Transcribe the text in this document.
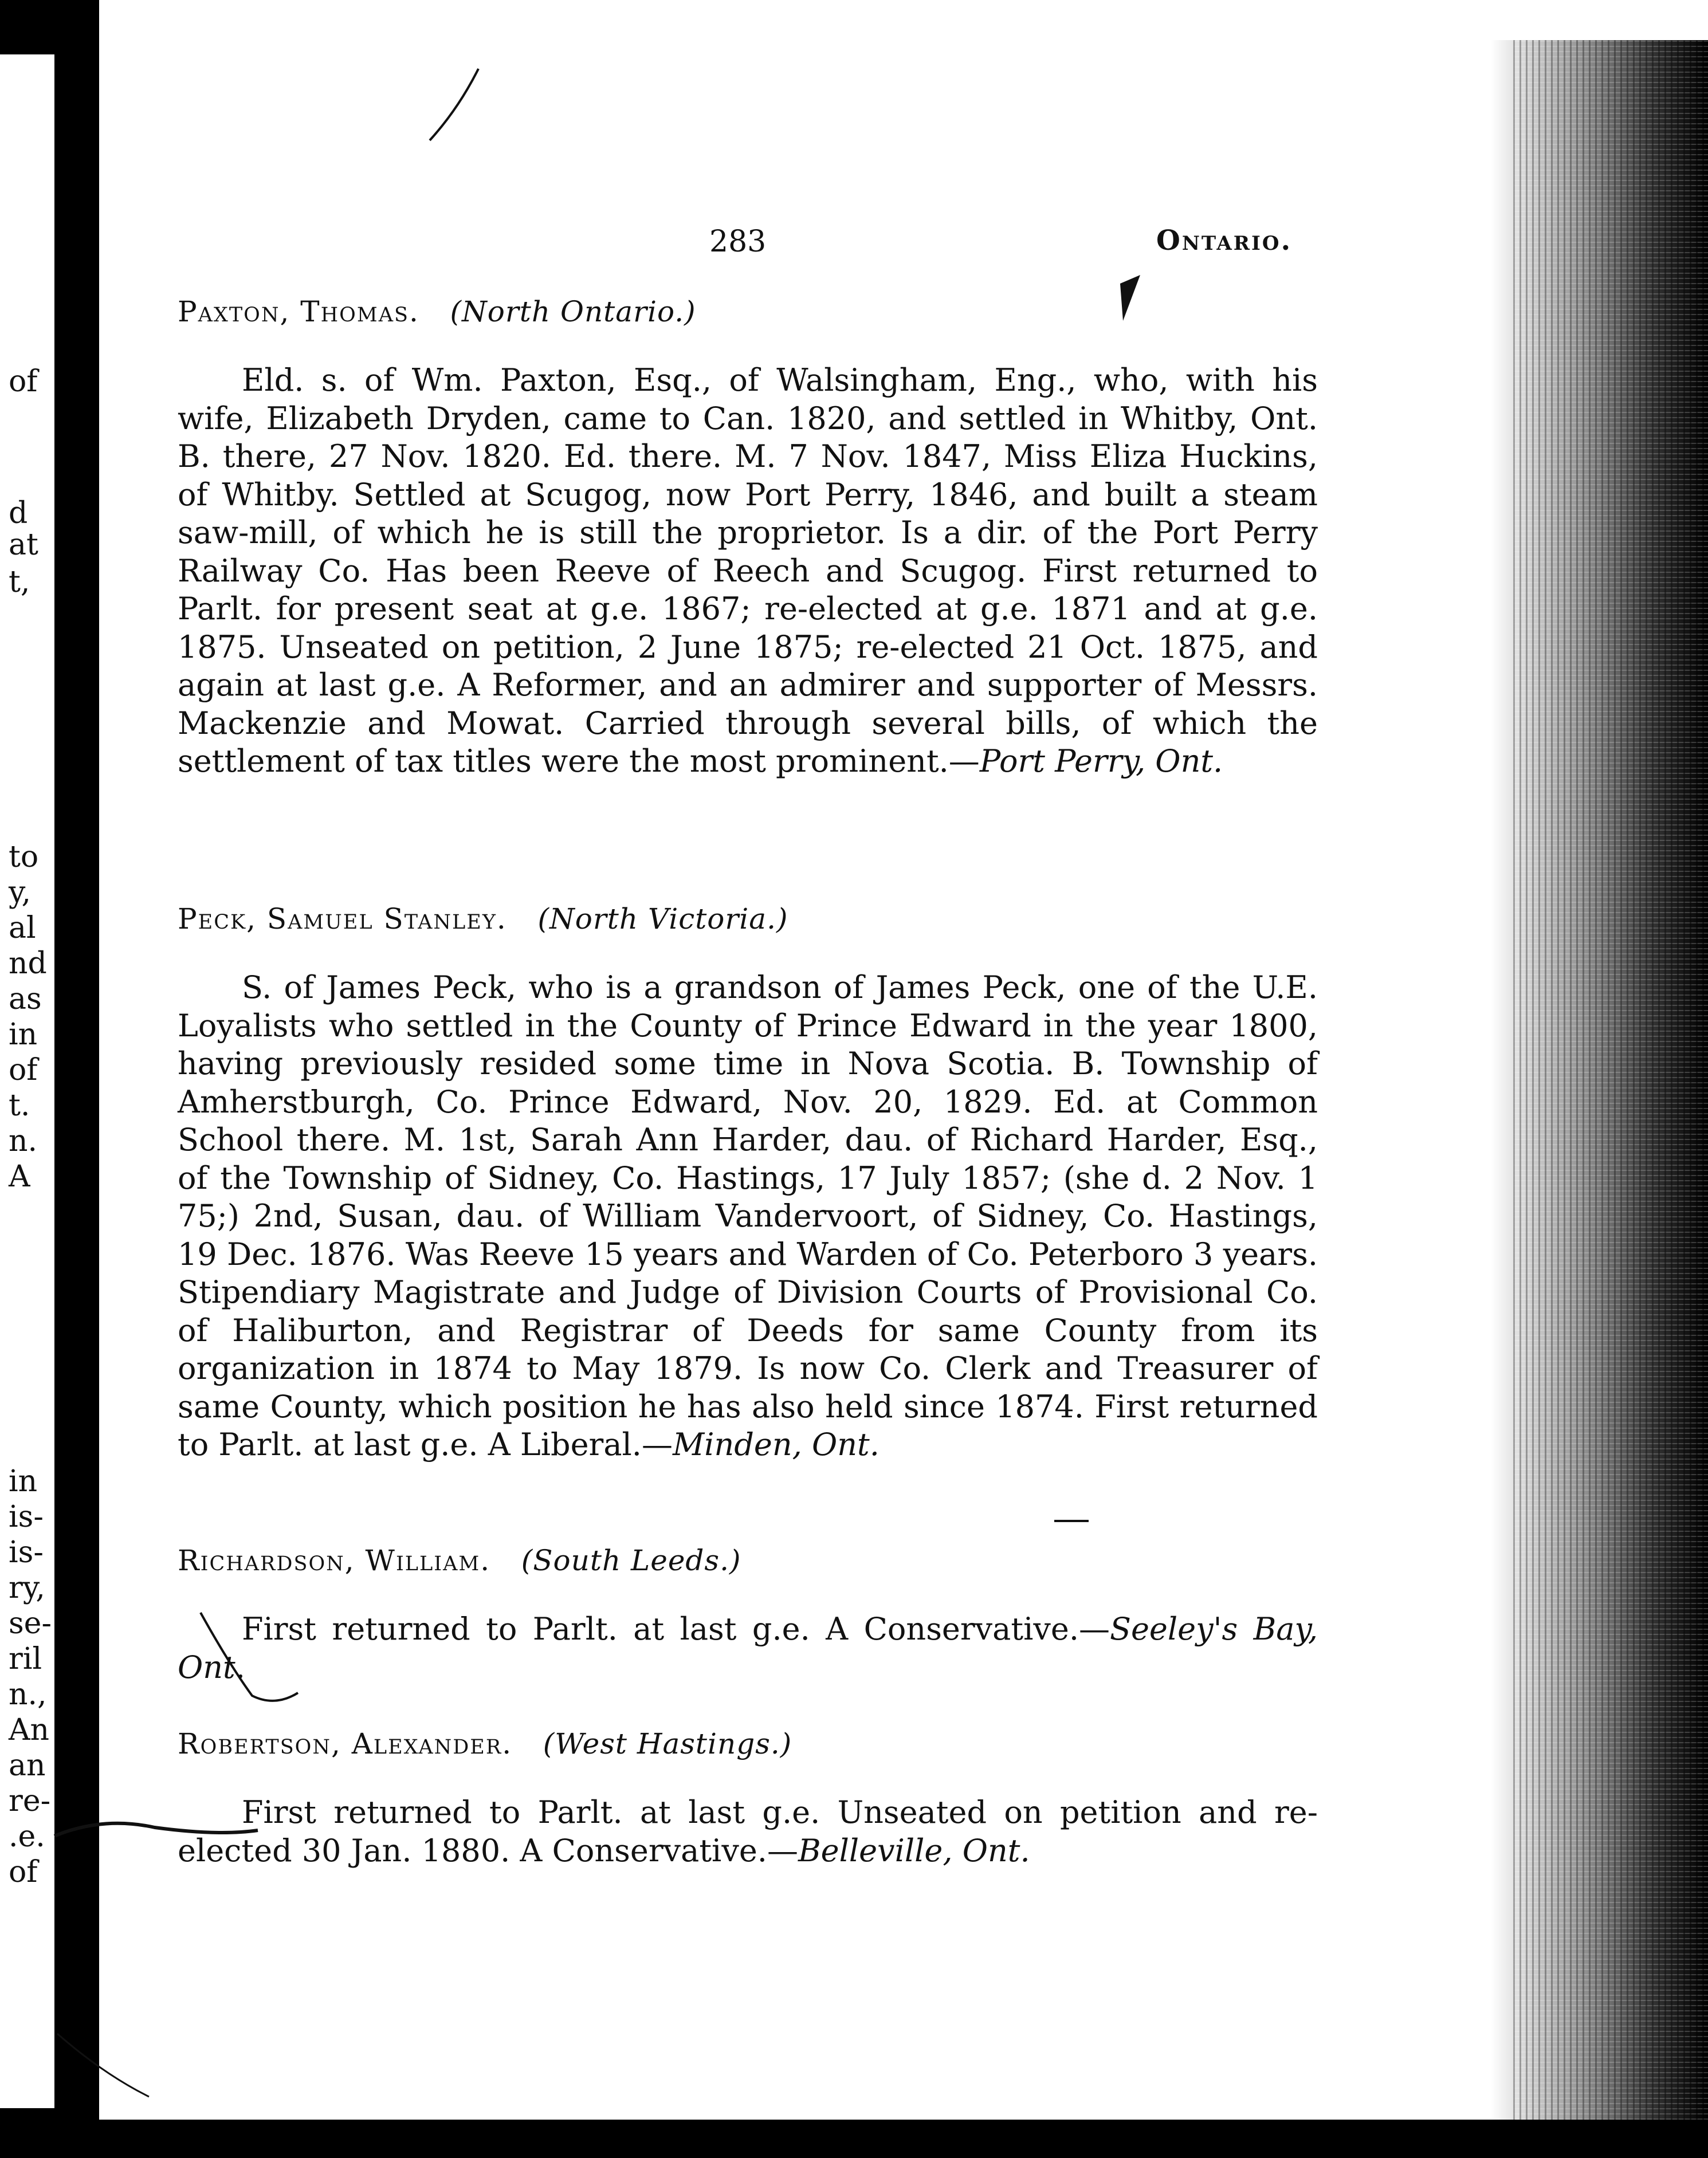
of
d
at
t,
to
y,
al
nd
as
in
of
t.
n.
A
in
is-
is-
ry,
se-
ril
n.,
An
an
re-
.e.
of
283	Ontario.
Paxton, Thomas. (North Ontario.)
Eld. s. of Wm. Paxton, Esq., of Walsingham, Eng., who, with his wife, Elizabeth Dryden, came to Can. 1820, and settled in Whitby, Ont. B. there, 27 Nov. 1820. Ed. there. M. 7 Nov. 1847, Miss Eliza Huckins, of Whitby. Settled at Scugog, now Port Perry, 1846, and built a steam saw-mill, of which he is still the proprietor. Is a dir. of the Port Perry Railway Co. Has been Reeve of Reech and Scugog. First returned to Parlt. for present seat at g.e. 1867; re-elected at g.e. 1871 and at g.e. 1875. Unseated on petition, 2 June 1875; re-elected 21 Oct. 1875, and again at last g.e. A Reformer, and an admirer and supporter of Messrs. Mackenzie and Mowat. Carried through several bills, of which the settlement of tax titles were the most prominent.—Port Perry, Ont.
Peck, Samuel Stanley. (North Victoria.)
S. of James Peck, who is a grandson of James Peck, one of the U.E. Loyalists who settled in the County of Prince Edward in the year 1800, having previously resided some time in Nova Scotia. B. Township of Amherstburgh, Co. Prince Edward, Nov. 20, 1829. Ed. at Common School there. M. 1st, Sarah Ann Harder, dau. of Richard Harder, Esq., of the Township of Sidney, Co. Hastings, 17 July 1857; (she d. 2 Nov. 1 75;) 2nd, Susan, dau. of William Vandervoort, of Sidney, Co. Hastings, 19 Dec. 1876. Was Reeve 15 years and Warden of Co. Peterboro 3 years. Stipendiary Magistrate and Judge of Division Courts of Provisional Co. of Haliburton, and Registrar of Deeds for same County from its organization in 1874 to May 1879. Is now Co. Clerk and Treasurer of same County, which position he has also held since 1874. First returned to Parlt. at last g.e. A Liberal.—Minden, Ont.
Richardson, William. (South Leeds.)
First returned to Parlt. at last g.e. A Conservative.—Seeley's Bay, Ont.
Robertson, Alexander. (West Hastings.)
First returned to Parlt. at last g.e. Unseated on petition and re-elected 30 Jan. 1880. A Conservative.—Belleville, Ont.
